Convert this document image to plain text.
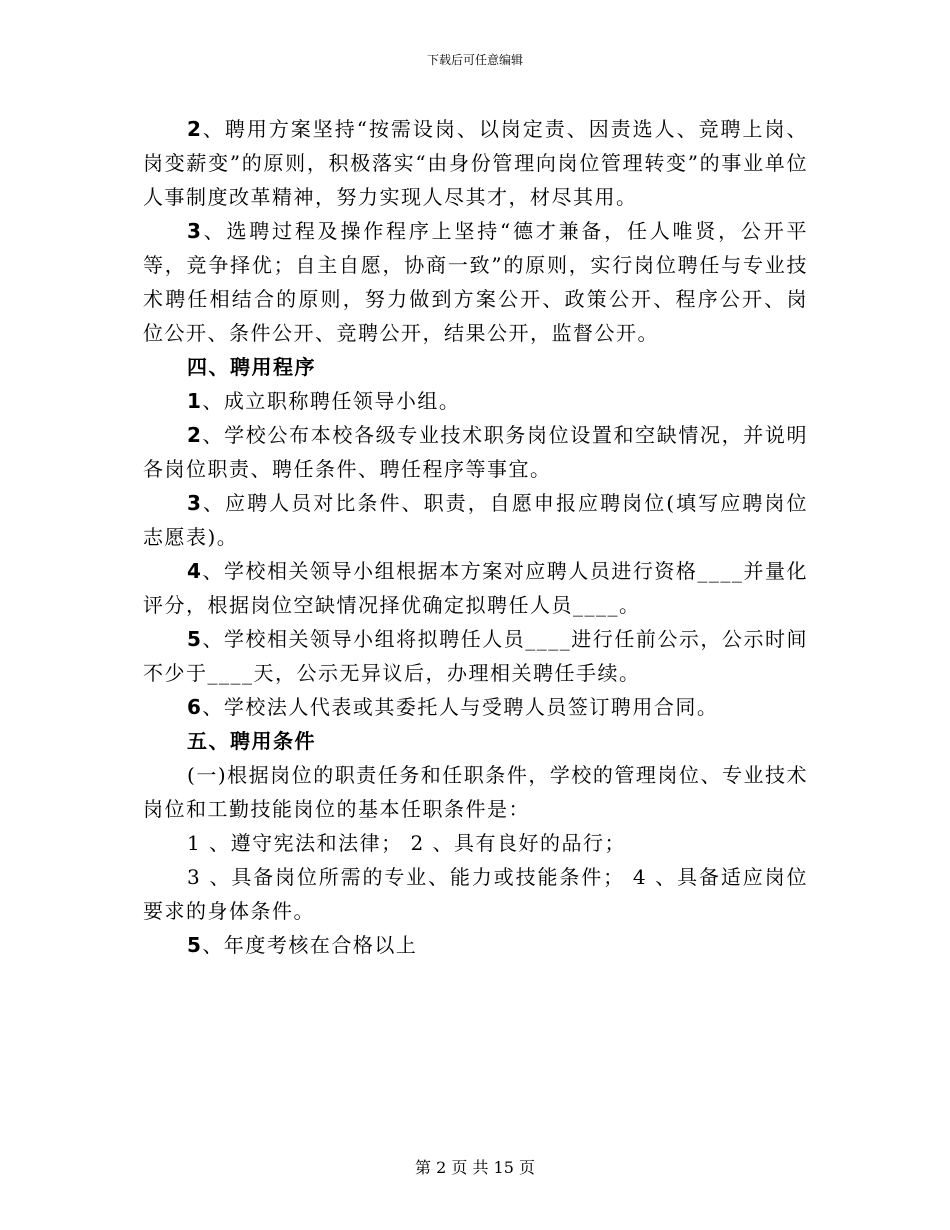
下载后可任意编辑

2、聘用方案坚持“按需设岗、以岗定责、因责选人、竞聘上岗、岗变薪变”的原则，积极落实“由身份管理向岗位管理转变”的事业单位人事制度改革精神，努力实现人尽其才，材尽其用。

3、选聘过程及操作程序上坚持“德才兼备，任人唯贤，公开平等，竞争择优；自主自愿，协商一致”的原则，实行岗位聘任与专业技术聘任相结合的原则，努力做到方案公开、政策公开、程序公开、岗位公开、条件公开、竞聘公开，结果公开，监督公开。

四、聘用程序

1、成立职称聘任领导小组。

2、学校公布本校各级专业技术职务岗位设置和空缺情况，并说明各岗位职责、聘任条件、聘任程序等事宜。

3、应聘人员对比条件、职责，自愿申报应聘岗位(填写应聘岗位志愿表)。

4、学校相关领导小组根据本方案对应聘人员进行资格____并量化评分，根据岗位空缺情况择优确定拟聘任人员____。

5、学校相关领导小组将拟聘任人员____进行任前公示，公示时间不少于____天，公示无异议后，办理相关聘任手续。

6、学校法人代表或其委托人与受聘人员签订聘用合同。

五、聘用条件

(一)根据岗位的职责任务和任职条件，学校的管理岗位、专业技术岗位和工勤技能岗位的基本任职条件是：

1 、遵守宪法和法律； 2 、具有良好的品行；

3 、具备岗位所需的专业、能力或技能条件； 4 、具备适应岗位要求的身体条件。

5、年度考核在合格以上

第 2 页 共 15 页
